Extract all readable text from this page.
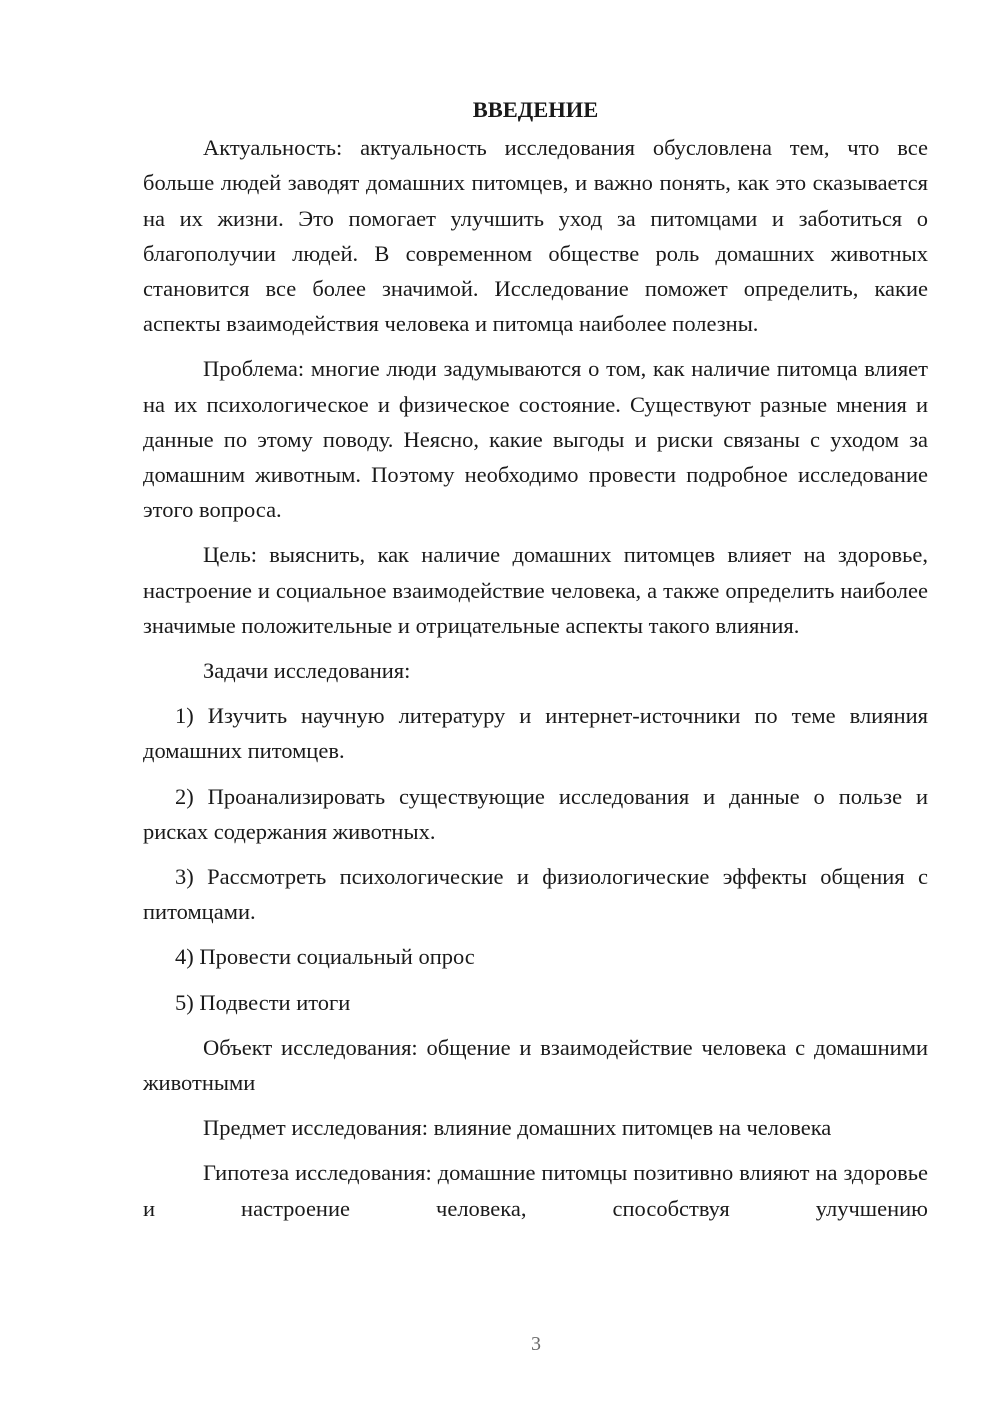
ВВЕДЕНИЕ

Актуальность: актуальность исследования обусловлена тем, что все больше людей заводят домашних питомцев, и важно понять, как это сказывается на их жизни. Это помогает улучшить уход за питомцами и заботиться о благополучии людей. В современном обществе роль домашних животных становится все более значимой. Исследование поможет определить, какие аспекты взаимодействия человека и питомца наиболее полезны.

Проблема: многие люди задумываются о том, как наличие питомца влияет на их психологическое и физическое состояние. Существуют разные мнения и данные по этому поводу. Неясно, какие выгоды и риски связаны с уходом за домашним животным. Поэтому необходимо провести подробное исследование этого вопроса.

Цель: выяснить, как наличие домашних питомцев влияет на здоровье, настроение и социальное взаимодействие человека, а также определить наиболее значимые положительные и отрицательные аспекты такого влияния.

Задачи исследования:

1) Изучить научную литературу и интернет-источники по теме влияния домашних питомцев.

2) Проанализировать существующие исследования и данные о пользе и рисках содержания животных.

3) Рассмотреть психологические и физиологические эффекты общения с питомцами.

4) Провести социальный опрос

5) Подвести итоги

Объект исследования: общение и взаимодействие человека с домашними животными

Предмет исследования: влияние домашних питомцев на человека

Гипотеза исследования: домашние питомцы позитивно влияют на здоровье и настроение человека, способствуя улучшению

3
